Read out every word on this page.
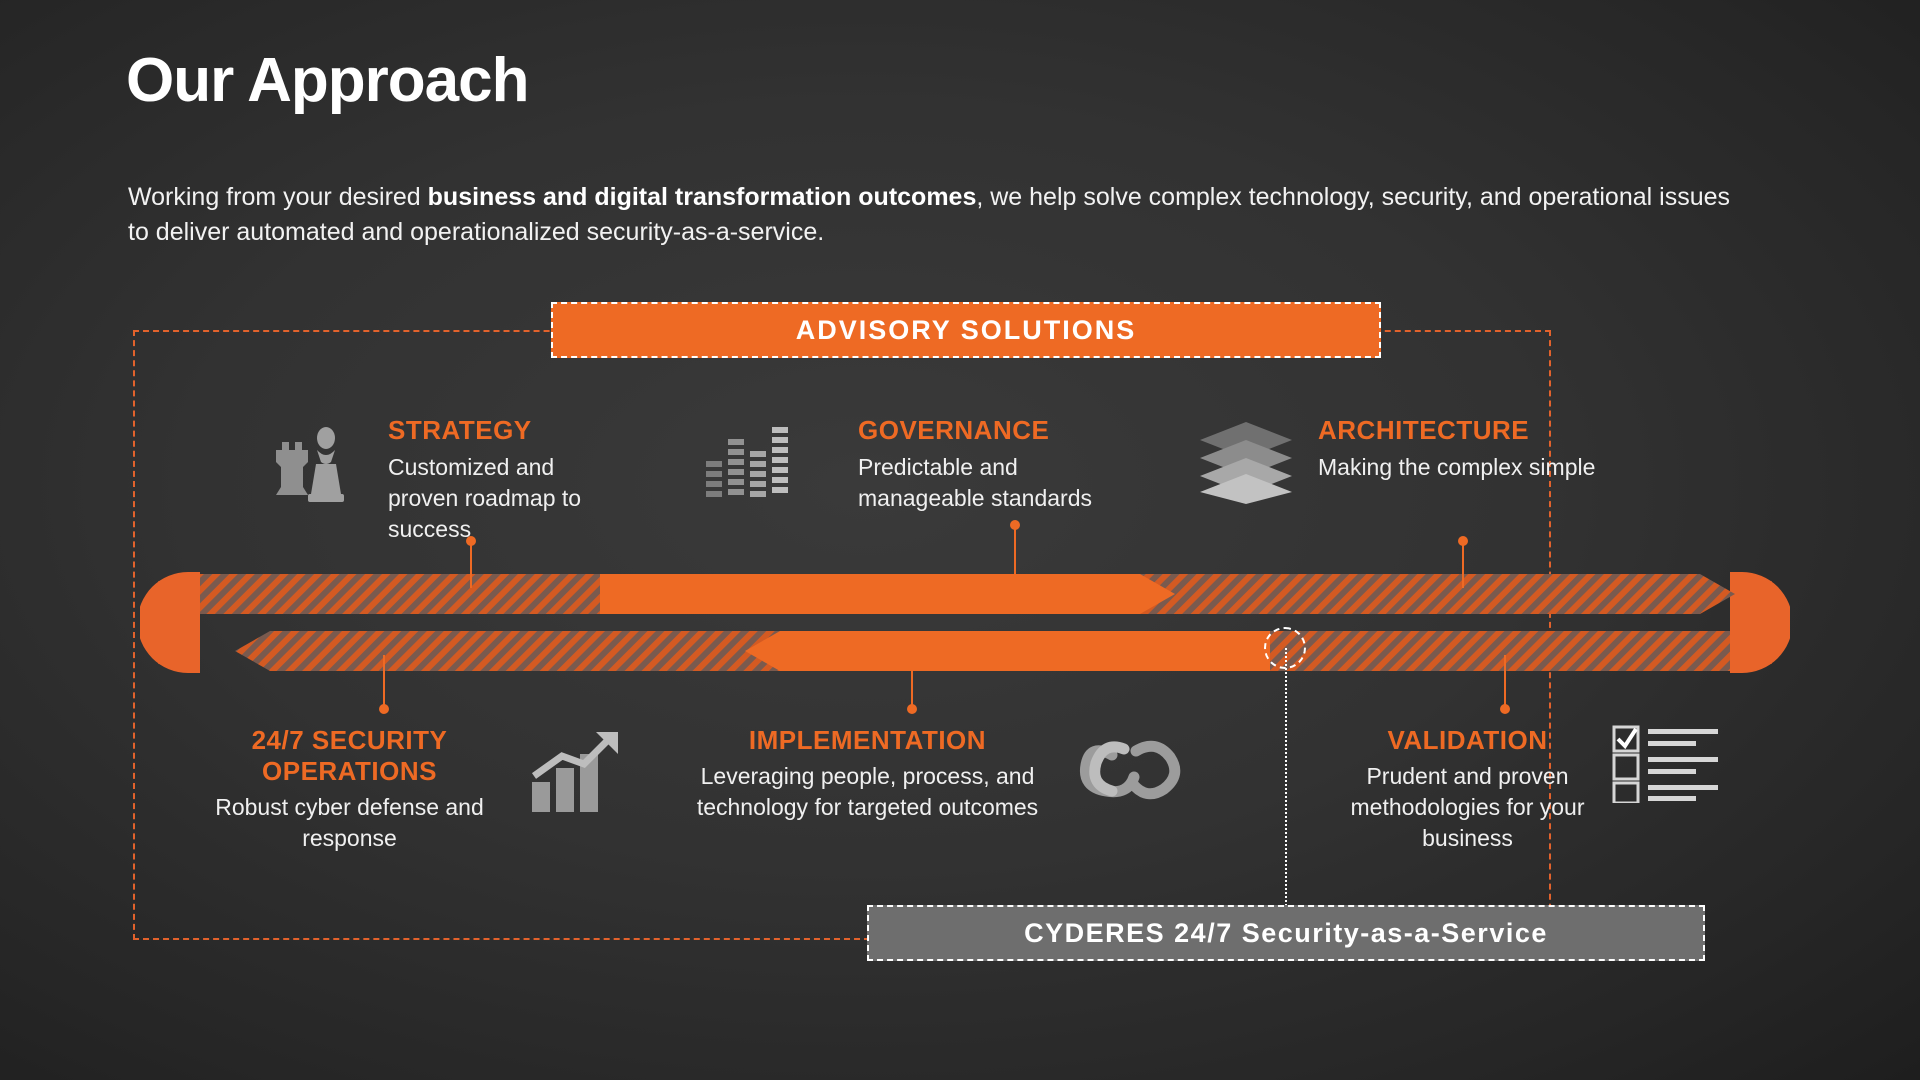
Our Approach
Working from your desired business and digital transformation outcomes, we help solve complex technology, security, and operational issues to deliver automated and operationalized security-as-a-service.
ADVISORY SOLUTIONS
STRATEGY
Customized and proven roadmap to success
GOVERNANCE
Predictable and manageable standards
ARCHITECTURE
Making the complex simple
24/7 SECURITY OPERATIONS
Robust cyber defense and response
IMPLEMENTATION
Leveraging people, process, and technology for targeted outcomes
VALIDATION
Prudent and proven methodologies for your business
CYDERES 24/7 Security-as-a-Service
